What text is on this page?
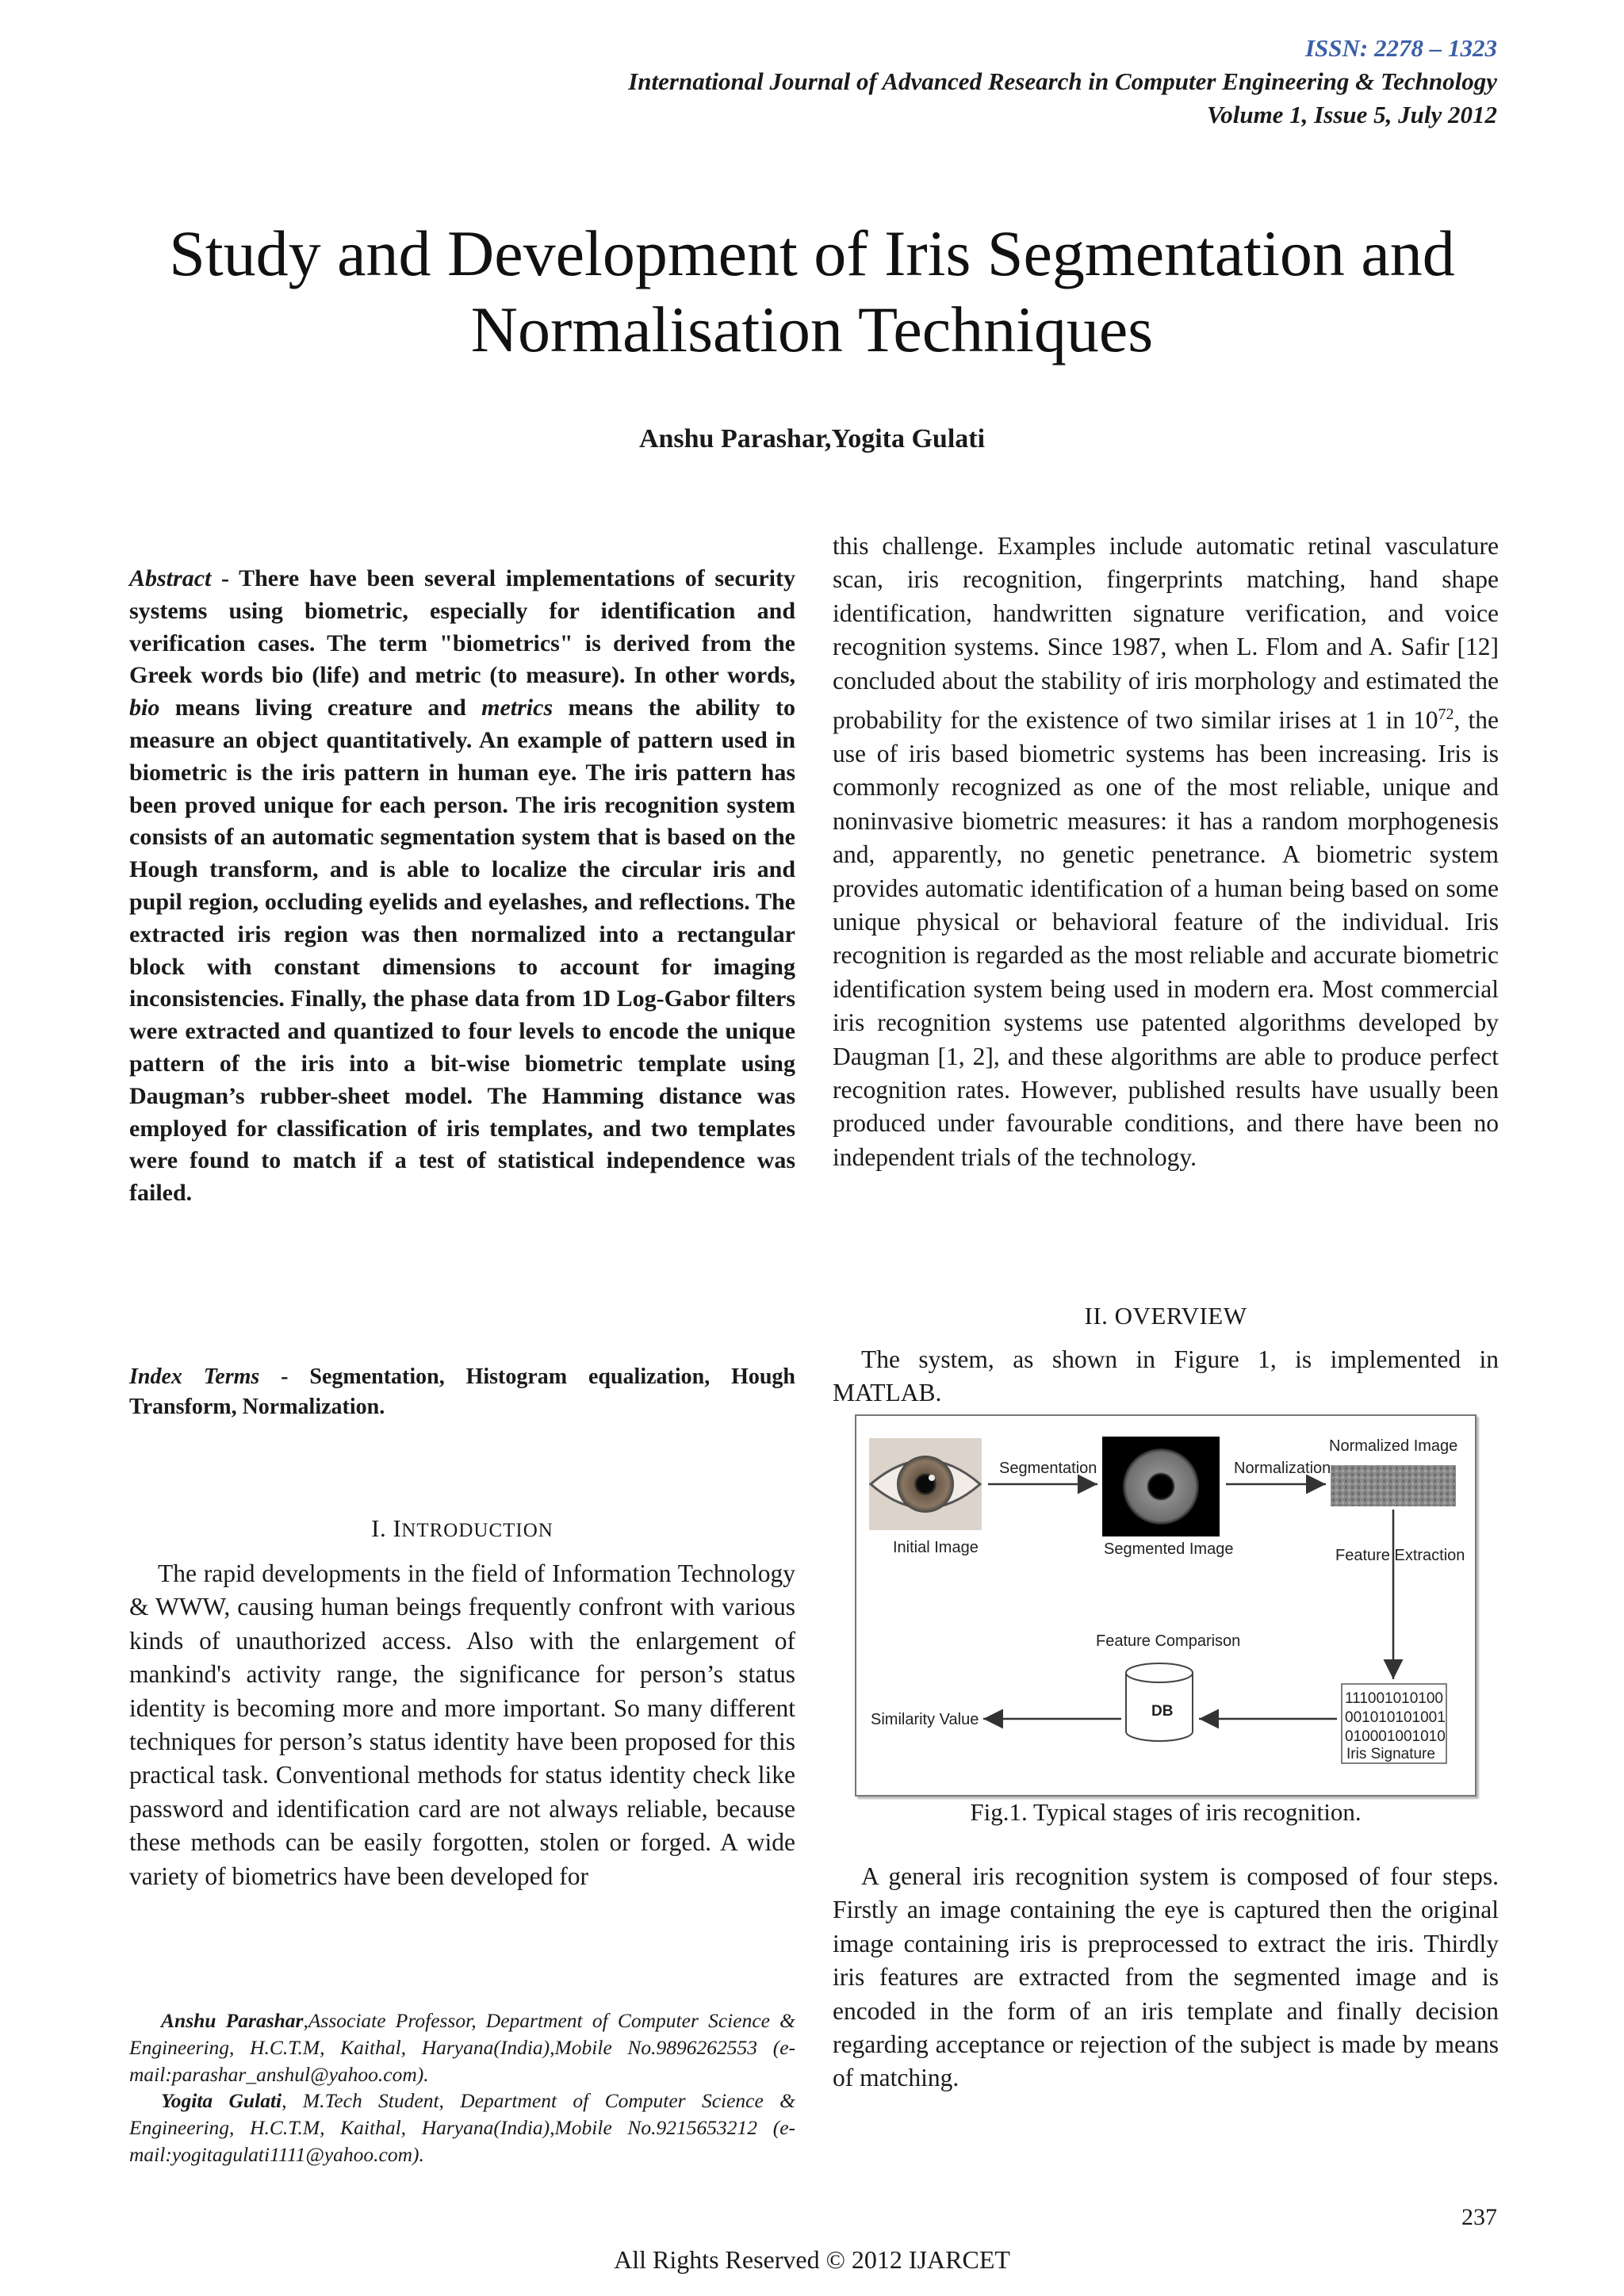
ISSN: 2278 – 1323
International Journal of Advanced Research in Computer Engineering & Technology
Volume 1, Issue 5, July 2012
Study and Development of Iris Segmentation and
Normalisation Techniques
Anshu Parashar,Yogita Gulati

Abstract - There have been several implementations of security systems using biometric, especially for identification and verification cases. The term "biometrics" is derived from the Greek words bio (life) and metric (to measure). In other words, bio means living creature and metrics means the ability to measure an object quantitatively. An example of pattern used in biometric is the iris pattern in human eye. The iris pattern has been proved unique for each person. The iris recognition system consists of an automatic segmentation system that is based on the Hough transform, and is able to localize the circular iris and pupil region, occluding eyelids and eyelashes, and reflections. The extracted iris region was then normalized into a rectangular block with constant dimensions to account for imaging inconsistencies. Finally, the phase data from 1D Log-Gabor filters were extracted and quantized to four levels to encode the unique pattern of the iris into a bit-wise biometric template using Daugman’s rubber-sheet model. The Hamming distance was employed for classification of iris templates, and two templates were found to match if a test of statistical independence was failed.

Index Terms - Segmentation, Histogram equalization, Hough Transform, Normalization.

I. INTRODUCTION

The rapid developments in the field of Information Technology & WWW, causing human beings frequently confront with various kinds of unauthorized access. Also with the enlargement of mankind's activity range, the significance for person’s status identity is becoming more and more important. So many different techniques for person’s status identity have been proposed for this practical task. Conventional methods for status identity check like password and identification card are not always reliable, because these methods can be easily forgotten, stolen or forged. A wide variety of biometrics have been developed for

Anshu Parashar,Associate Professor, Department of Computer Science & Engineering, H.C.T.M, Kaithal, Haryana(India),Mobile No.9896262553 (e-mail:parashar_anshul@yahoo.com).

Yogita Gulati, M.Tech Student, Department of Computer Science & Engineering, H.C.T.M, Kaithal, Haryana(India),Mobile No.9215653212 (e-mail:yogitagulati1111@yahoo.com).

this challenge. Examples include automatic retinal vasculature scan, iris recognition, fingerprints matching, hand shape identification, handwritten signature verification, and voice recognition systems. Since 1987, when L. Flom and A. Safir [12] concluded about the stability of iris morphology and estimated the probability for the existence of two similar irises at 1 in $10^{72}$, the use of iris based biometric systems has been increasing. Iris is commonly recognized as one of the most reliable, unique and noninvasive biometric measures: it has a random morphogenesis and, apparently, no genetic penetrance. A biometric system provides automatic identification of a human being based on some unique physical or behavioral feature of the individual. Iris recognition is regarded as the most reliable and accurate biometric identification system being used in modern era. Most commercial iris recognition systems use patented algorithms developed by Daugman [1, 2], and these algorithms are able to produce perfect recognition rates. However, published results have usually been produced under favourable conditions, and there have been no independent trials of the technology.

II. OVERVIEW

The system, as shown in Figure 1, is implemented in MATLAB.

Initial Image
Segmentation
Segmented Image
Normalization
Normalized Image
Feature Extraction
111001010100
001010101001
010001001010
Iris Signature
Feature Comparison
DB
Similarity Value
Fig.1. Typical stages of iris recognition.

A general iris recognition system is composed of four steps. Firstly an image containing the eye is captured then the original image containing iris is preprocessed to extract the iris. Thirdly iris features are extracted from the segmented image and is encoded in the form of an iris template and finally decision regarding acceptance or rejection of the subject is made by means of matching.

237
All Rights Reserved © 2012 IJARCET
